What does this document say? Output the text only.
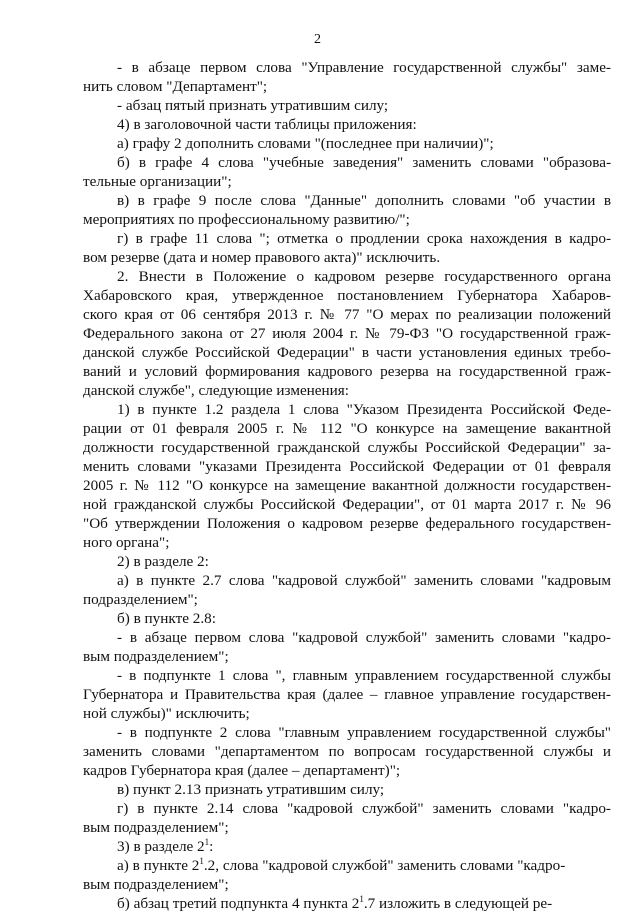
2
- в абзаце первом слова "Управление государственной службы" заме-
нить словом "Департамент";
- абзац пятый признать утратившим силу;
4) в заголовочной части таблицы приложения:
а) графу 2 дополнить словами "(последнее при наличии)";
б) в графе 4 слова "учебные заведения" заменить словами "образова-
тельные организации";
в) в графе 9 после слова "Данные" дополнить словами "об участии в
мероприятиях по профессиональному развитию/";
г) в графе 11 слова "; отметка о продлении срока нахождения в кадро-
вом резерве (дата и номер правового акта)" исключить.
2. Внести в Положение о кадровом резерве государственного органа
Хабаровского края, утвержденное постановлением Губернатора Хабаров-
ского края от 06 сентября 2013 г. № 77 "О мерах по реализации положений
Федерального закона от 27 июля 2004 г. № 79-ФЗ "О государственной граж-
данской службе Российской Федерации" в части установления единых требо-
ваний и условий формирования кадрового резерва на государственной граж-
данской службе", следующие изменения:
1) в пункте 1.2 раздела 1 слова "Указом Президента Российской Феде-
рации от 01 февраля 2005 г. № 112 "О конкурсе на замещение вакантной
должности государственной гражданской службы Российской Федерации" за-
менить словами "указами Президента Российской Федерации от 01 февраля
2005 г. № 112 "О конкурсе на замещение вакантной должности государствен-
ной гражданской службы Российской Федерации", от 01 марта 2017 г. № 96
"Об утверждении Положения о кадровом резерве федерального государствен-
ного органа";
2) в разделе 2:
а) в пункте 2.7 слова "кадровой службой" заменить словами "кадровым
подразделением";
б) в пункте 2.8:
- в абзаце первом слова "кадровой службой" заменить словами "кадро-
вым подразделением";
- в подпункте 1 слова ", главным управлением государственной службы
Губернатора и Правительства края (далее – главное управление государствен-
ной службы)" исключить;
- в подпункте 2 слова "главным управлением государственной службы"
заменить словами "департаментом по вопросам государственной службы и
кадров Губернатора края (далее – департамент)";
в) пункт 2.13 признать утратившим силу;
г) в пункте 2.14 слова "кадровой службой" заменить словами "кадро-
вым подразделением";
3) в разделе $2^1$:
а) в пункте $2^1.2$, слова "кадровой службой" заменить словами "кадро-
вым подразделением";
б) абзац третий подпункта 4 пункта $2^1.7$ изложить в следующей ре-
